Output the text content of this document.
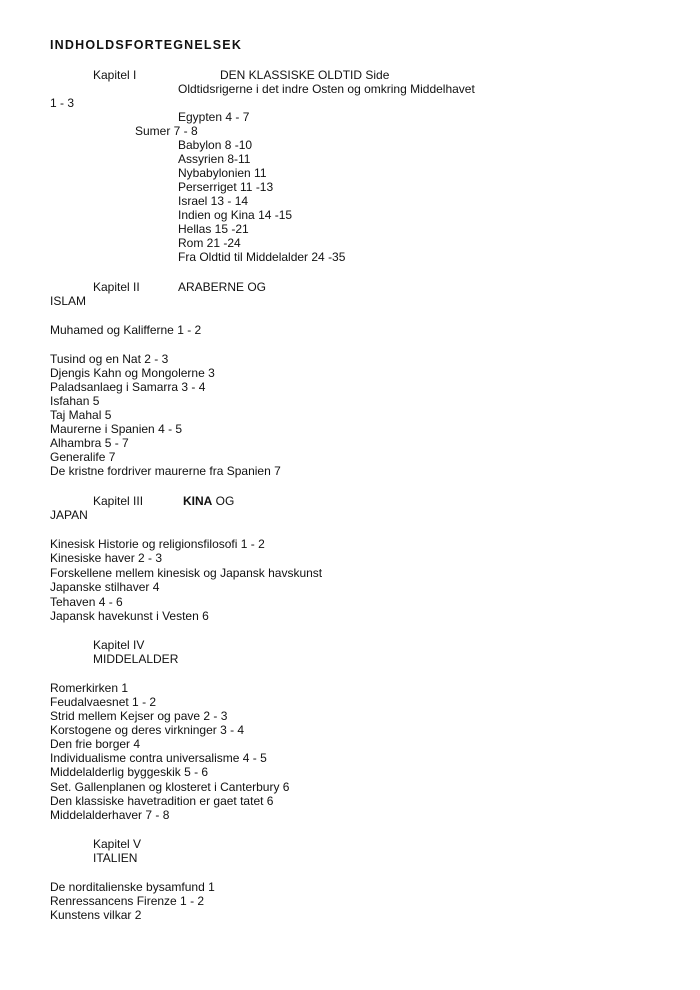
INDHOLDSFORTEGNELSEK
Kapitel I	DEN KLASSISKE OLDTID Side
Oldtidsrigerne i det indre Osten og omkring Middelhavet
1 - 3
Egypten 4 - 7
Sumer 7 - 8
Babylon 8 -10
Assyrien 8-11
Nybabylonien 11
Perserriget 11 -13
Israel 13 - 14
Indien og Kina 14 -15
Hellas 15 -21
Rom 21 -24
Fra Oldtid til Middelalder 24 -35
Kapitel II	ARABERNE OG
ISLAM
Muhamed og Kalifferne 1 - 2
Tusind og en Nat 2 - 3
Djengis Kahn og Mongolerne 3
Paladsanlaeg i Samarra 3 - 4
Isfahan 5
Taj Mahal 5
Maurerne i Spanien 4 - 5
Alhambra 5 - 7
Generalife 7
De kristne fordriver maurerne fra Spanien 7
Kapitel III	KINA OG
JAPAN
Kinesisk Historie og religionsfilosofi 1 - 2
Kinesiske haver 2 - 3
Forskellene mellem kinesisk og Japansk havskunst
Japanske stilhaver 4
Tehaven 4 - 6
Japansk havekunst i Vesten 6
Kapitel IV
MIDDELALDER
Romerkirken 1
Feudalvaesnet 1 - 2
Strid mellem Kejser og pave 2 - 3
Korstogene og deres virkninger 3 - 4
Den frie borger 4
Individualisme contra universalisme 4 - 5
Middelalderlig byggeskik 5 - 6
Set. Gallenplanen og klosteret i Canterbury 6
Den klassiske havetradition er gaet tatet 6
Middelalderhaver 7 - 8
Kapitel V
ITALIEN
De norditalienske bysamfund 1
Renressancens Firenze 1 - 2
Kunstens vilkar 2
